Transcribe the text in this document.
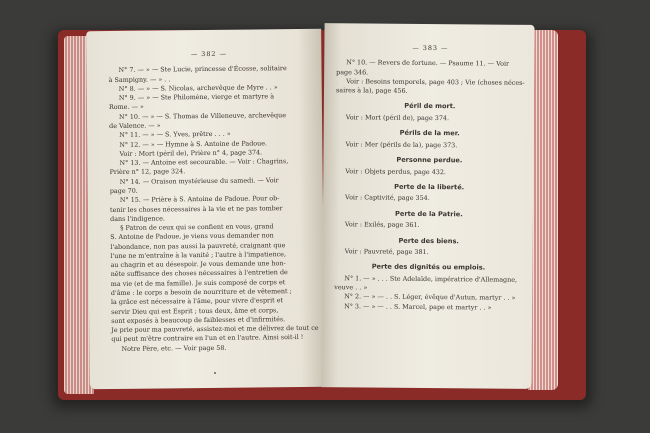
— 382 —
N° 7. — » — Ste Lucie, princesse d'Écosse, solitaire
à Sampigny. — » . .
N° 8. — » — S. Nicolas, archevêque de Myre . . »
N° 9. — » — Ste Philomène, vierge et martyre à
Rome. — »
N° 10. — » — S. Thomas de Villeneuve, archevêque
de Valence. — »
N° 11. — » — S. Yves, prêtre . . . »
N° 12. — » — Hymne à S. Antoine de Padoue.
Voir : Mort (péril de), Prière n° 4, page 374.
N° 13. — Antoine est secourable. — Voir : Chagrins,
Prière n° 12, page 324.
N° 14. — Oraison mystérieuse du samedi. — Voir
page 70.
N° 15. — Prière à S. Antoine de Padoue. Pour ob-
tenir les choses nécessaires à la vie et ne pas tomber
dans l'indigence.
§ Patron de ceux qui se confient en vous, grand
S. Antoine de Padoue, je viens vous demander non
l'abondance, non pas aussi la pauvreté, craignant que
l'une ne m'entraîne à la vanité ; l'autre à l'impatience,
au chagrin et au désespoir. Je vous demande une hon-
nête suffisance des choses nécessaires à l'entretien de
ma vie (et de ma famille). Je suis composé de corps et
d'âme : le corps a besoin de nourriture et de vêtement ;
la grâce est nécessaire à l'âme, pour vivre d'esprit et
servir Dieu qui est Esprit ; tous deux, âme et corps,
sont exposés à beaucoup de faiblesses et d'infirmités.
Je prie pour ma pauvreté, assistez-moi et me délivrez de tout ce
qui peut m'être contraire en l'un et en l'autre. Ainsi soit-il !
Notre Père, etc. — Voir page 58.
— 383 —
N° 10. — Revers de fortune. — Psaume 11. — Voir
page 346.
Voir : Besoins temporels, page 403 ; Vie (choses néces-
saires à la), page 456.
Péril de mort.
Voir : Mort (péril de), page 374.
Périls de la mer.
Voir : Mer (périls de la), page 373.
Personne perdue.
Voir : Objets perdus, page 432.
Perte de la liberté.
Voir : Captivité, page 354.
Perte de la Patrie.
Voir : Exilés, page 361.
Perte des biens.
Voir : Pauvreté, page 381.
Perte des dignités ou emplois.
N° 1. — » . . . Ste Adelaïde, impératrice d'Allemagne,
veuve . . »
N° 2. — » — . . S. Léger, évêque d'Autun, martyr . . »
N° 3. — » — . . S. Marcel, pape et martyr . . »
